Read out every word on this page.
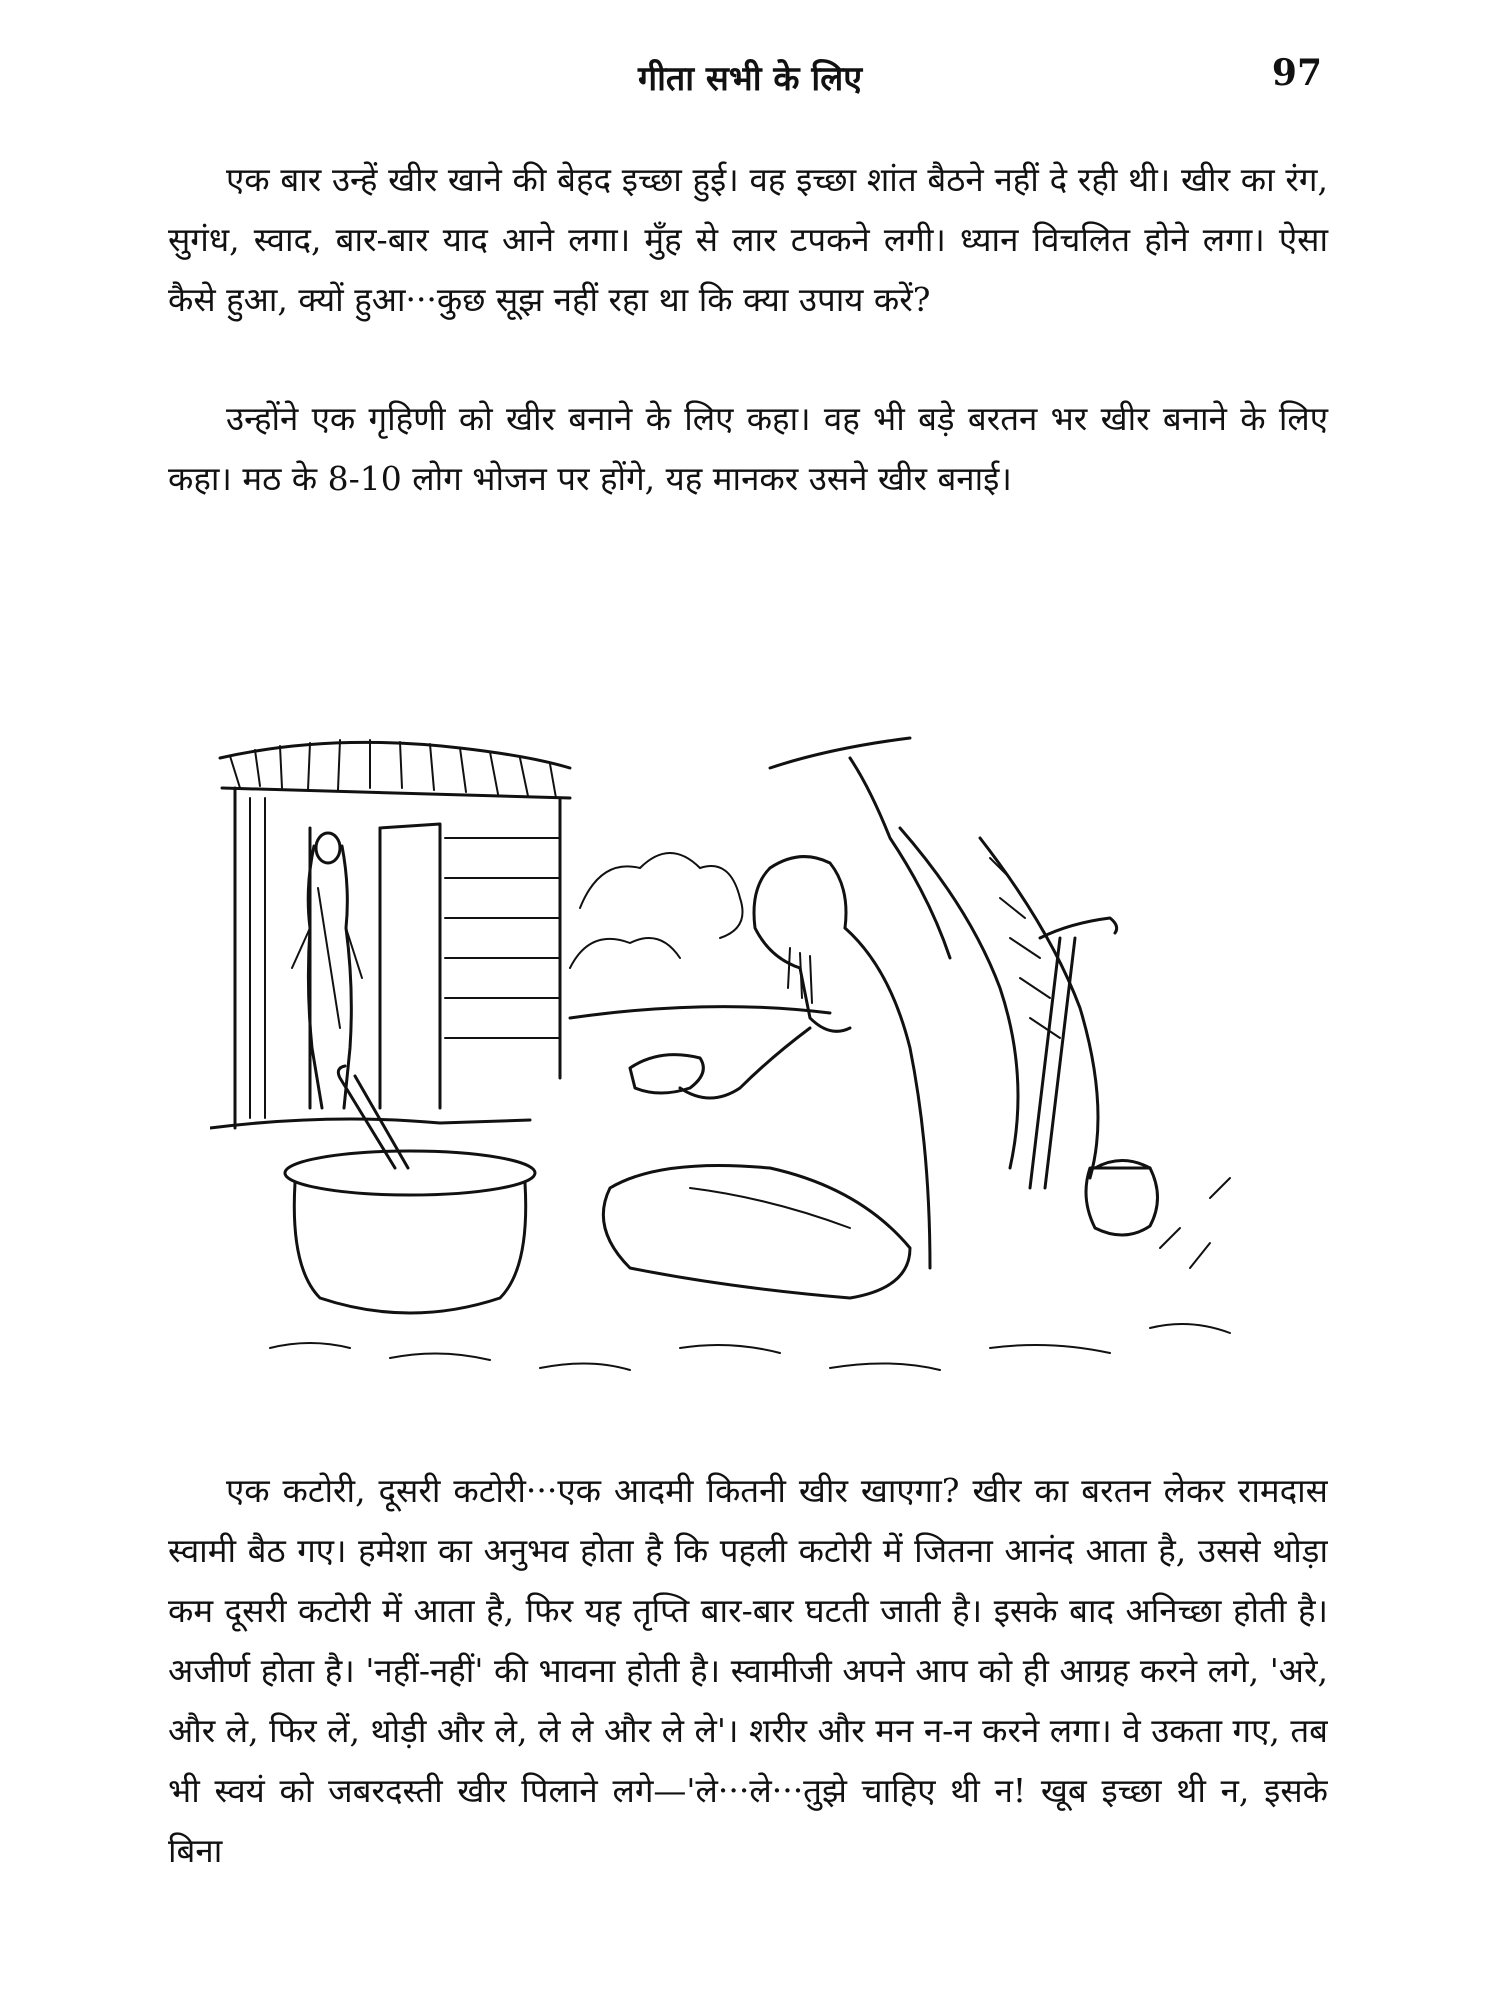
गीता सभी के लिए	97

एक बार उन्हें खीर खाने की बेहद इच्छा हुई। वह इच्छा शांत बैठने नहीं दे रही थी। खीर का रंग, सुगंध, स्वाद, बार-बार याद आने लगा। मुँह से लार टपकने लगी। ध्यान विचलित होने लगा। ऐसा कैसे हुआ, क्यों हुआ···कुछ सूझ नहीं रहा था कि क्या उपाय करें?

उन्होंने एक गृहिणी को खीर बनाने के लिए कहा। वह भी बड़े बरतन भर खीर बनाने के लिए कहा। मठ के 8-10 लोग भोजन पर होंगे, यह मानकर उसने खीर बनाई।

एक कटोरी, दूसरी कटोरी···एक आदमी कितनी खीर खाएगा? खीर का बरतन लेकर रामदास स्वामी बैठ गए। हमेशा का अनुभव होता है कि पहली कटोरी में जितना आनंद आता है, उससे थोड़ा कम दूसरी कटोरी में आता है, फिर यह तृप्ति बार-बार घटती जाती है। इसके बाद अनिच्छा होती है। अजीर्ण होता है। 'नहीं-नहीं' की भावना होती है। स्वामीजी अपने आप को ही आग्रह करने लगे, 'अरे, और ले, फिर लें, थोड़ी और ले, ले ले और ले ले'। शरीर और मन न-न करने लगा। वे उकता गए, तब भी स्वयं को जबरदस्ती खीर पिलाने लगे—'ले···ले···तुझे चाहिए थी न! खूब इच्छा थी न, इसके बिना
